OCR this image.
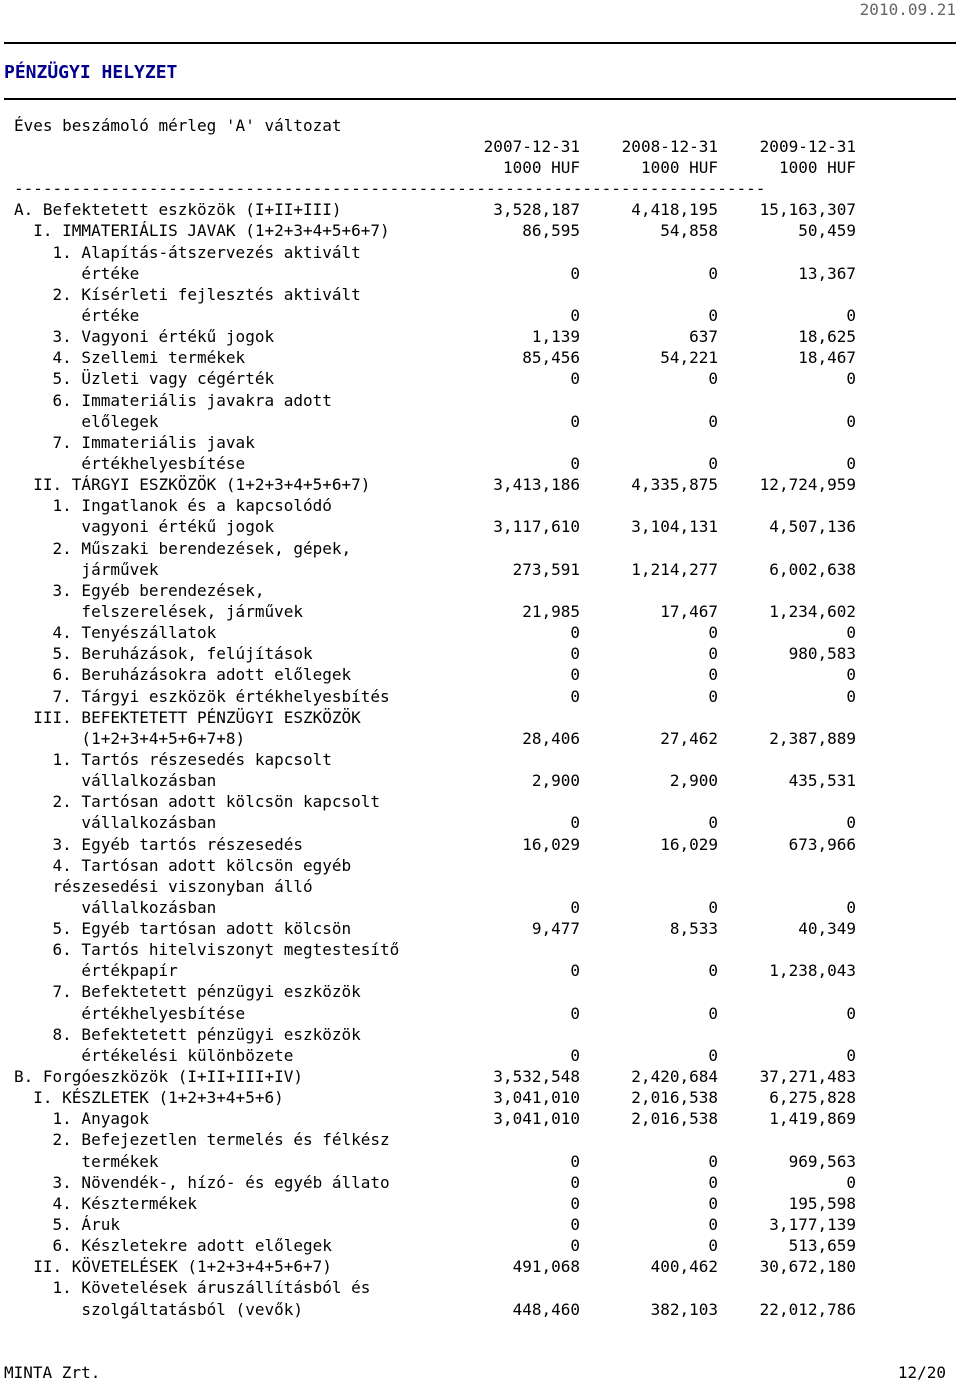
2010.09.21
PÉNZÜGYI HELYZET
Éves beszámoló mérleg 'A' változat
2007-12-31	2008-12-31	2009-12-31
1000 HUF	1000 HUF	1000 HUF
------------------------------------------------------------------------------
A. Befektetett eszközök (I+II+III)	3,528,187	4,418,195	15,163,307
I. IMMATERIÁLIS JAVAK (1+2+3+4+5+6+7)	86,595	54,858	50,459
1. Alapítás-átszervezés aktivált
értéke	0	0	13,367
2. Kísérleti fejlesztés aktivált
értéke	0	0	0
3. Vagyoni értékű jogok	1,139	637	18,625
4. Szellemi termékek	85,456	54,221	18,467
5. Üzleti vagy cégérték	0	0	0
6. Immateriális javakra adott
előlegek	0	0	0
7. Immateriális javak
értékhelyesbítése	0	0	0
II. TÁRGYI ESZKÖZÖK (1+2+3+4+5+6+7)	3,413,186	4,335,875	12,724,959
1. Ingatlanok és a kapcsolódó
vagyoni értékű jogok	3,117,610	3,104,131	4,507,136
2. Műszaki berendezések, gépek,
járművek	273,591	1,214,277	6,002,638
3. Egyéb berendezések,
felszerelések, járművek	21,985	17,467	1,234,602
4. Tenyészállatok	0	0	0
5. Beruházások, felújítások	0	0	980,583
6. Beruházásokra adott előlegek	0	0	0
7. Tárgyi eszközök értékhelyesbítés	0	0	0
III. BEFEKTETETT PÉNZÜGYI ESZKÖZÖK
(1+2+3+4+5+6+7+8)	28,406	27,462	2,387,889
1. Tartós részesedés kapcsolt
vállalkozásban	2,900	2,900	435,531
2. Tartósan adott kölcsön kapcsolt
vállalkozásban	0	0	0
3. Egyéb tartós részesedés	16,029	16,029	673,966
4. Tartósan adott kölcsön egyéb
részesedési viszonyban álló
vállalkozásban	0	0	0
5. Egyéb tartósan adott kölcsön	9,477	8,533	40,349
6. Tartós hitelviszonyt megtestesítő
értékpapír	0	0	1,238,043
7. Befektetett pénzügyi eszközök
értékhelyesbítése	0	0	0
8. Befektetett pénzügyi eszközök
értékelési különbözete	0	0	0
B. Forgóeszközök (I+II+III+IV)	3,532,548	2,420,684	37,271,483
I. KÉSZLETEK (1+2+3+4+5+6)	3,041,010	2,016,538	6,275,828
1. Anyagok	3,041,010	2,016,538	1,419,869
2. Befejezetlen termelés és félkész
termékek	0	0	969,563
3. Növendék-, hízó- és egyéb állato	0	0	0
4. Késztermékek	0	0	195,598
5. Áruk	0	0	3,177,139
6. Készletekre adott előlegek	0	0	513,659
II. KÖVETELÉSEK (1+2+3+4+5+6+7)	491,068	400,462	30,672,180
1. Követelések áruszállításból és
szolgáltatásból (vevők)	448,460	382,103	22,012,786
MINTA Zrt.	12/20
